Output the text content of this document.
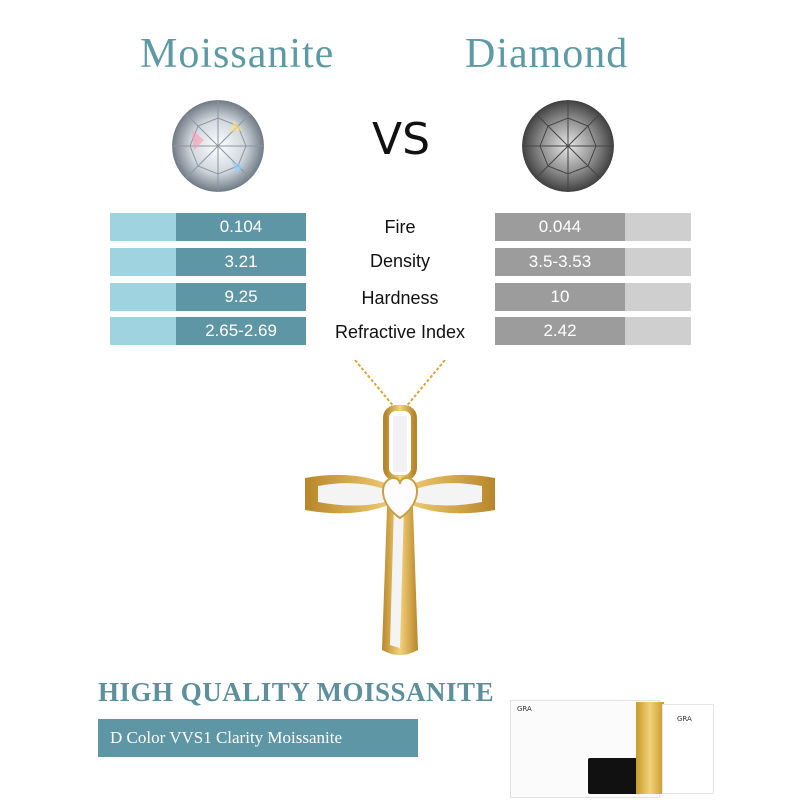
Moissanite	Diamond
VS
0.104	Fire	0.044
3.21	Density	3.5-3.53
9.25	Hardness	10
2.65-2.69	Refractive Index	2.42
HIGH QUALITY MOISSANITE
D Color VVS1 Clarity Moissanite
GRA
GRA
